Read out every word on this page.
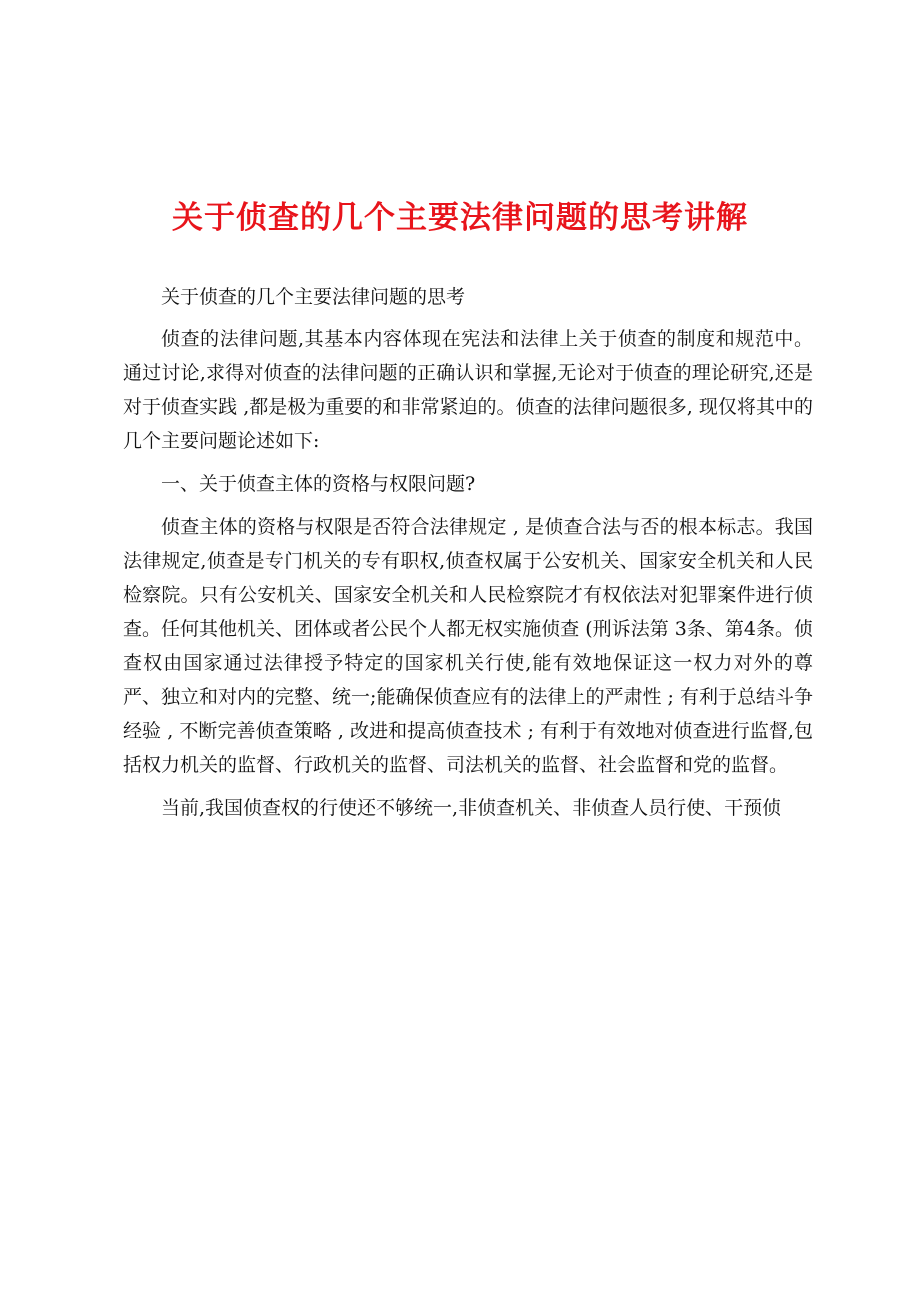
关于侦查的几个主要法律问题的思考讲解

关于侦查的几个主要法律问题的思考

侦查的法律问题,其基本内容体现在宪法和法律上关于侦查的制度和规范中。通过讨论,求得对侦查的法律问题的正确认识和掌握,无论对于侦查的理论研究,还是对于侦查实践 ,都是极为重要的和非常紧迫的。侦查的法律问题很多, 现仅将其中的几个主要问题论述如下:

一、关于侦查主体的资格与权限问题?

侦查主体的资格与权限是否符合法律规定 , 是侦查合法与否的根本标志。我国法律规定,侦查是专门机关的专有职权,侦查权属于公安机关、国家安全机关和人民检察院。只有公安机关、国家安全机关和人民检察院才有权依法对犯罪案件进行侦查。任何其他机关、团体或者公民个人都无权实施侦查 (刑诉法第 3条、第4条。侦查权由国家通过法律授予特定的国家机关行使,能有效地保证这一权力对外的尊严、独立和对内的完整、统一;能确保侦查应有的法律上的严肃性 ; 有利于总结斗争经验 , 不断完善侦查策略 , 改进和提高侦查技术 ; 有利于有效地对侦查进行监督,包括权力机关的监督、行政机关的监督、司法机关的监督、社会监督和党的监督。

当前,我国侦查权的行使还不够统一,非侦查机关、非侦查人员行使、干预侦
